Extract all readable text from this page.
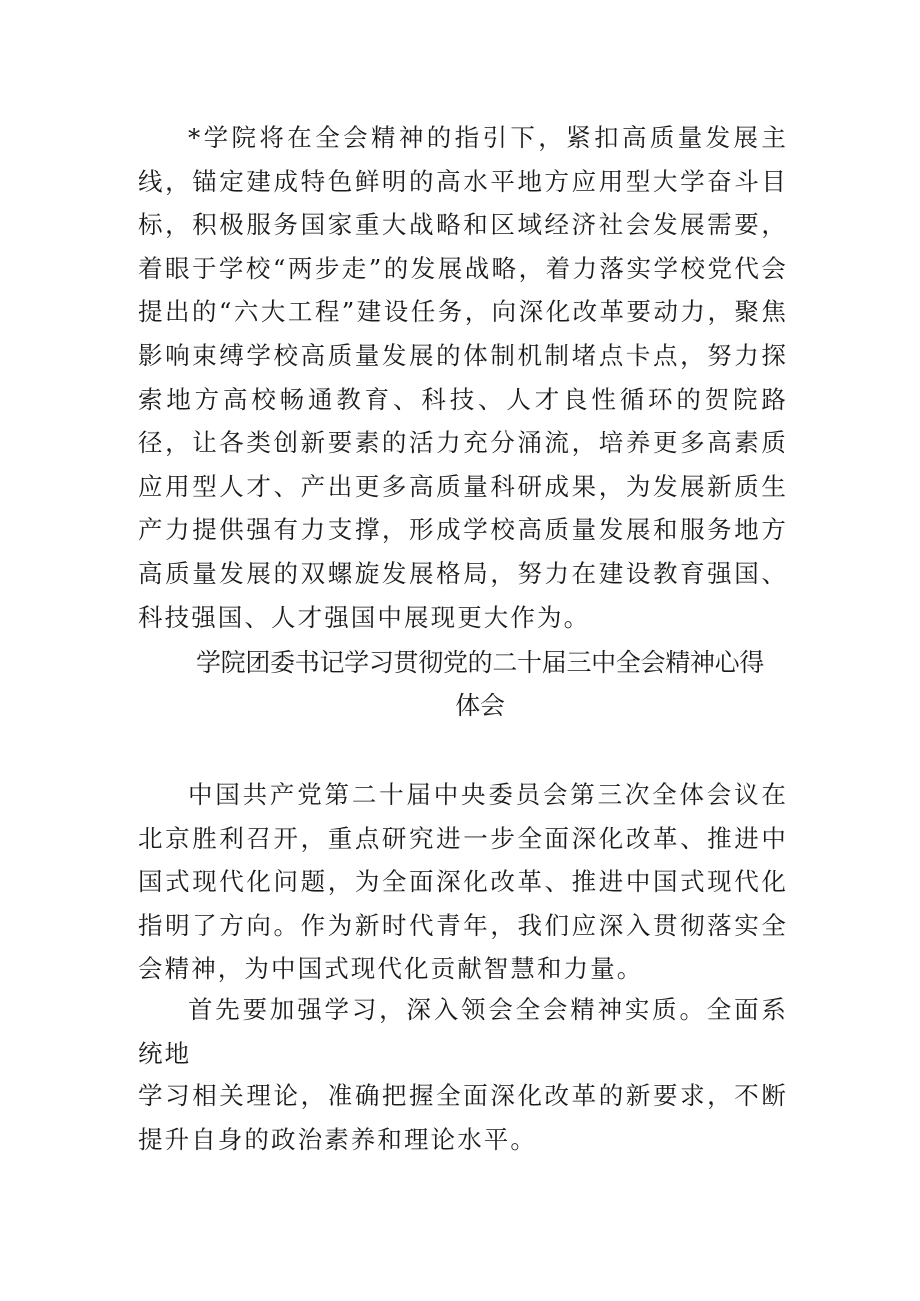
*学院将在全会精神的指引下，紧扣高质量发展主线，锚定建成特色鲜明的高水平地方应用型大学奋斗目标，积极服务国家重大战略和区域经济社会发展需要，着眼于学校“两步走”的发展战略，着力落实学校党代会提出的“六大工程”建设任务，向深化改革要动力，聚焦影响束缚学校高质量发展的体制机制堵点卡点，努力探索地方高校畅通教育、科技、人才良性循环的贺院路径，让各类创新要素的活力充分涌流，培养更多高素质应用型人才、产出更多高质量科研成果，为发展新质生产力提供强有力支撑，形成学校高质量发展和服务地方高质量发展的双螺旋发展格局，努力在建设教育强国、科技强国、人才强国中展现更大作为。

学院团委书记学习贯彻党的二十届三中全会精神心得
体会

中国共产党第二十届中央委员会第三次全体会议在北京胜利召开，重点研究进一步全面深化改革、推进中国式现代化问题，为全面深化改革、推进中国式现代化指明了方向。作为新时代青年，我们应深入贯彻落实全会精神，为中国式现代化贡献智慧和力量。

首先要加强学习，深入领会全会精神实质。全面系统地

学习相关理论，准确把握全面深化改革的新要求，不断提升自身的政治素养和理论水平。
